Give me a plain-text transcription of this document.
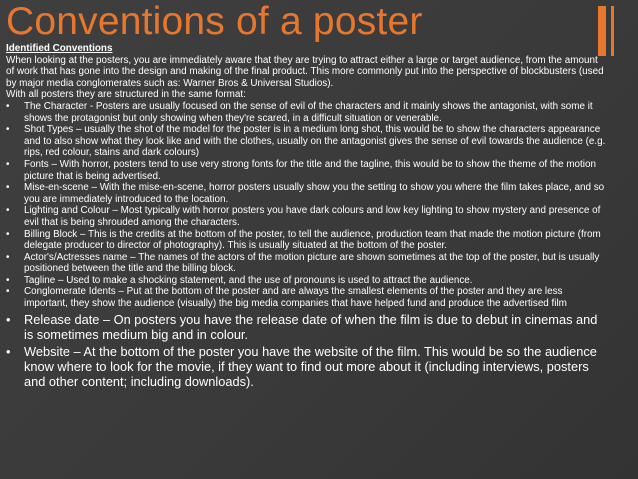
Conventions of a poster

Identified Conventions

When looking at the posters, you are immediately aware that they are trying to attract either a large or target audience, from the amount of work that has gone into the design and making of the final product. This more commonly put into the perspective of blockbusters (used by major media conglomerates such as: Warner Bros & Universal Studios).

With all posters they are structured in the same format:

• The Character - Posters are usually focused on the sense of evil of the characters and it mainly shows the antagonist, with some it shows the protagonist but only showing when they're scared, in a difficult situation or venerable.
• Shot Types – usually the shot of the model for the poster is in a medium long shot, this would be to show the characters appearance and to also show what they look like and with the clothes, usually on the antagonist gives the sense of evil towards the audience (e.g. rips, red colour, stains and dark colours)
• Fonts – With horror, posters tend to use very strong fonts for the title and the tagline, this would be to show the theme of the motion picture that is being advertised.
• Mise-en-scene – With the mise-en-scene, horror posters usually show you the setting to show you where the film takes place, and so you are immediately introduced to the location.
• Lighting and Colour – Most typically with horror posters you have dark colours and low key lighting to show mystery and presence of evil that is being shrouded among the characters.
• Billing Block – This is the credits at the bottom of the poster, to tell the audience, production team that made the motion picture (from delegate producer to director of photography). This is usually situated at the bottom of the poster.
• Actor's/Actresses name – The names of the actors of the motion picture are shown sometimes at the top of the poster, but is usually positioned between the title and the billing block.
• Tagline – Used to make a shocking statement, and the use of pronouns is used to attract the audience.
• Conglomerate Idents – Put at the bottom of the poster and are always the smallest elements of the poster and they are less important, they show the audience (visually) the big media companies that have helped fund and produce the advertised film
• Release date – On posters you have the release date of when the film is due to debut in cinemas and is sometimes medium big and in colour.
• Website – At the bottom of the poster you have the website of the film. This would be so the audience know where to look for the movie, if they want to find out more about it (including interviews, posters and other content; including downloads).
